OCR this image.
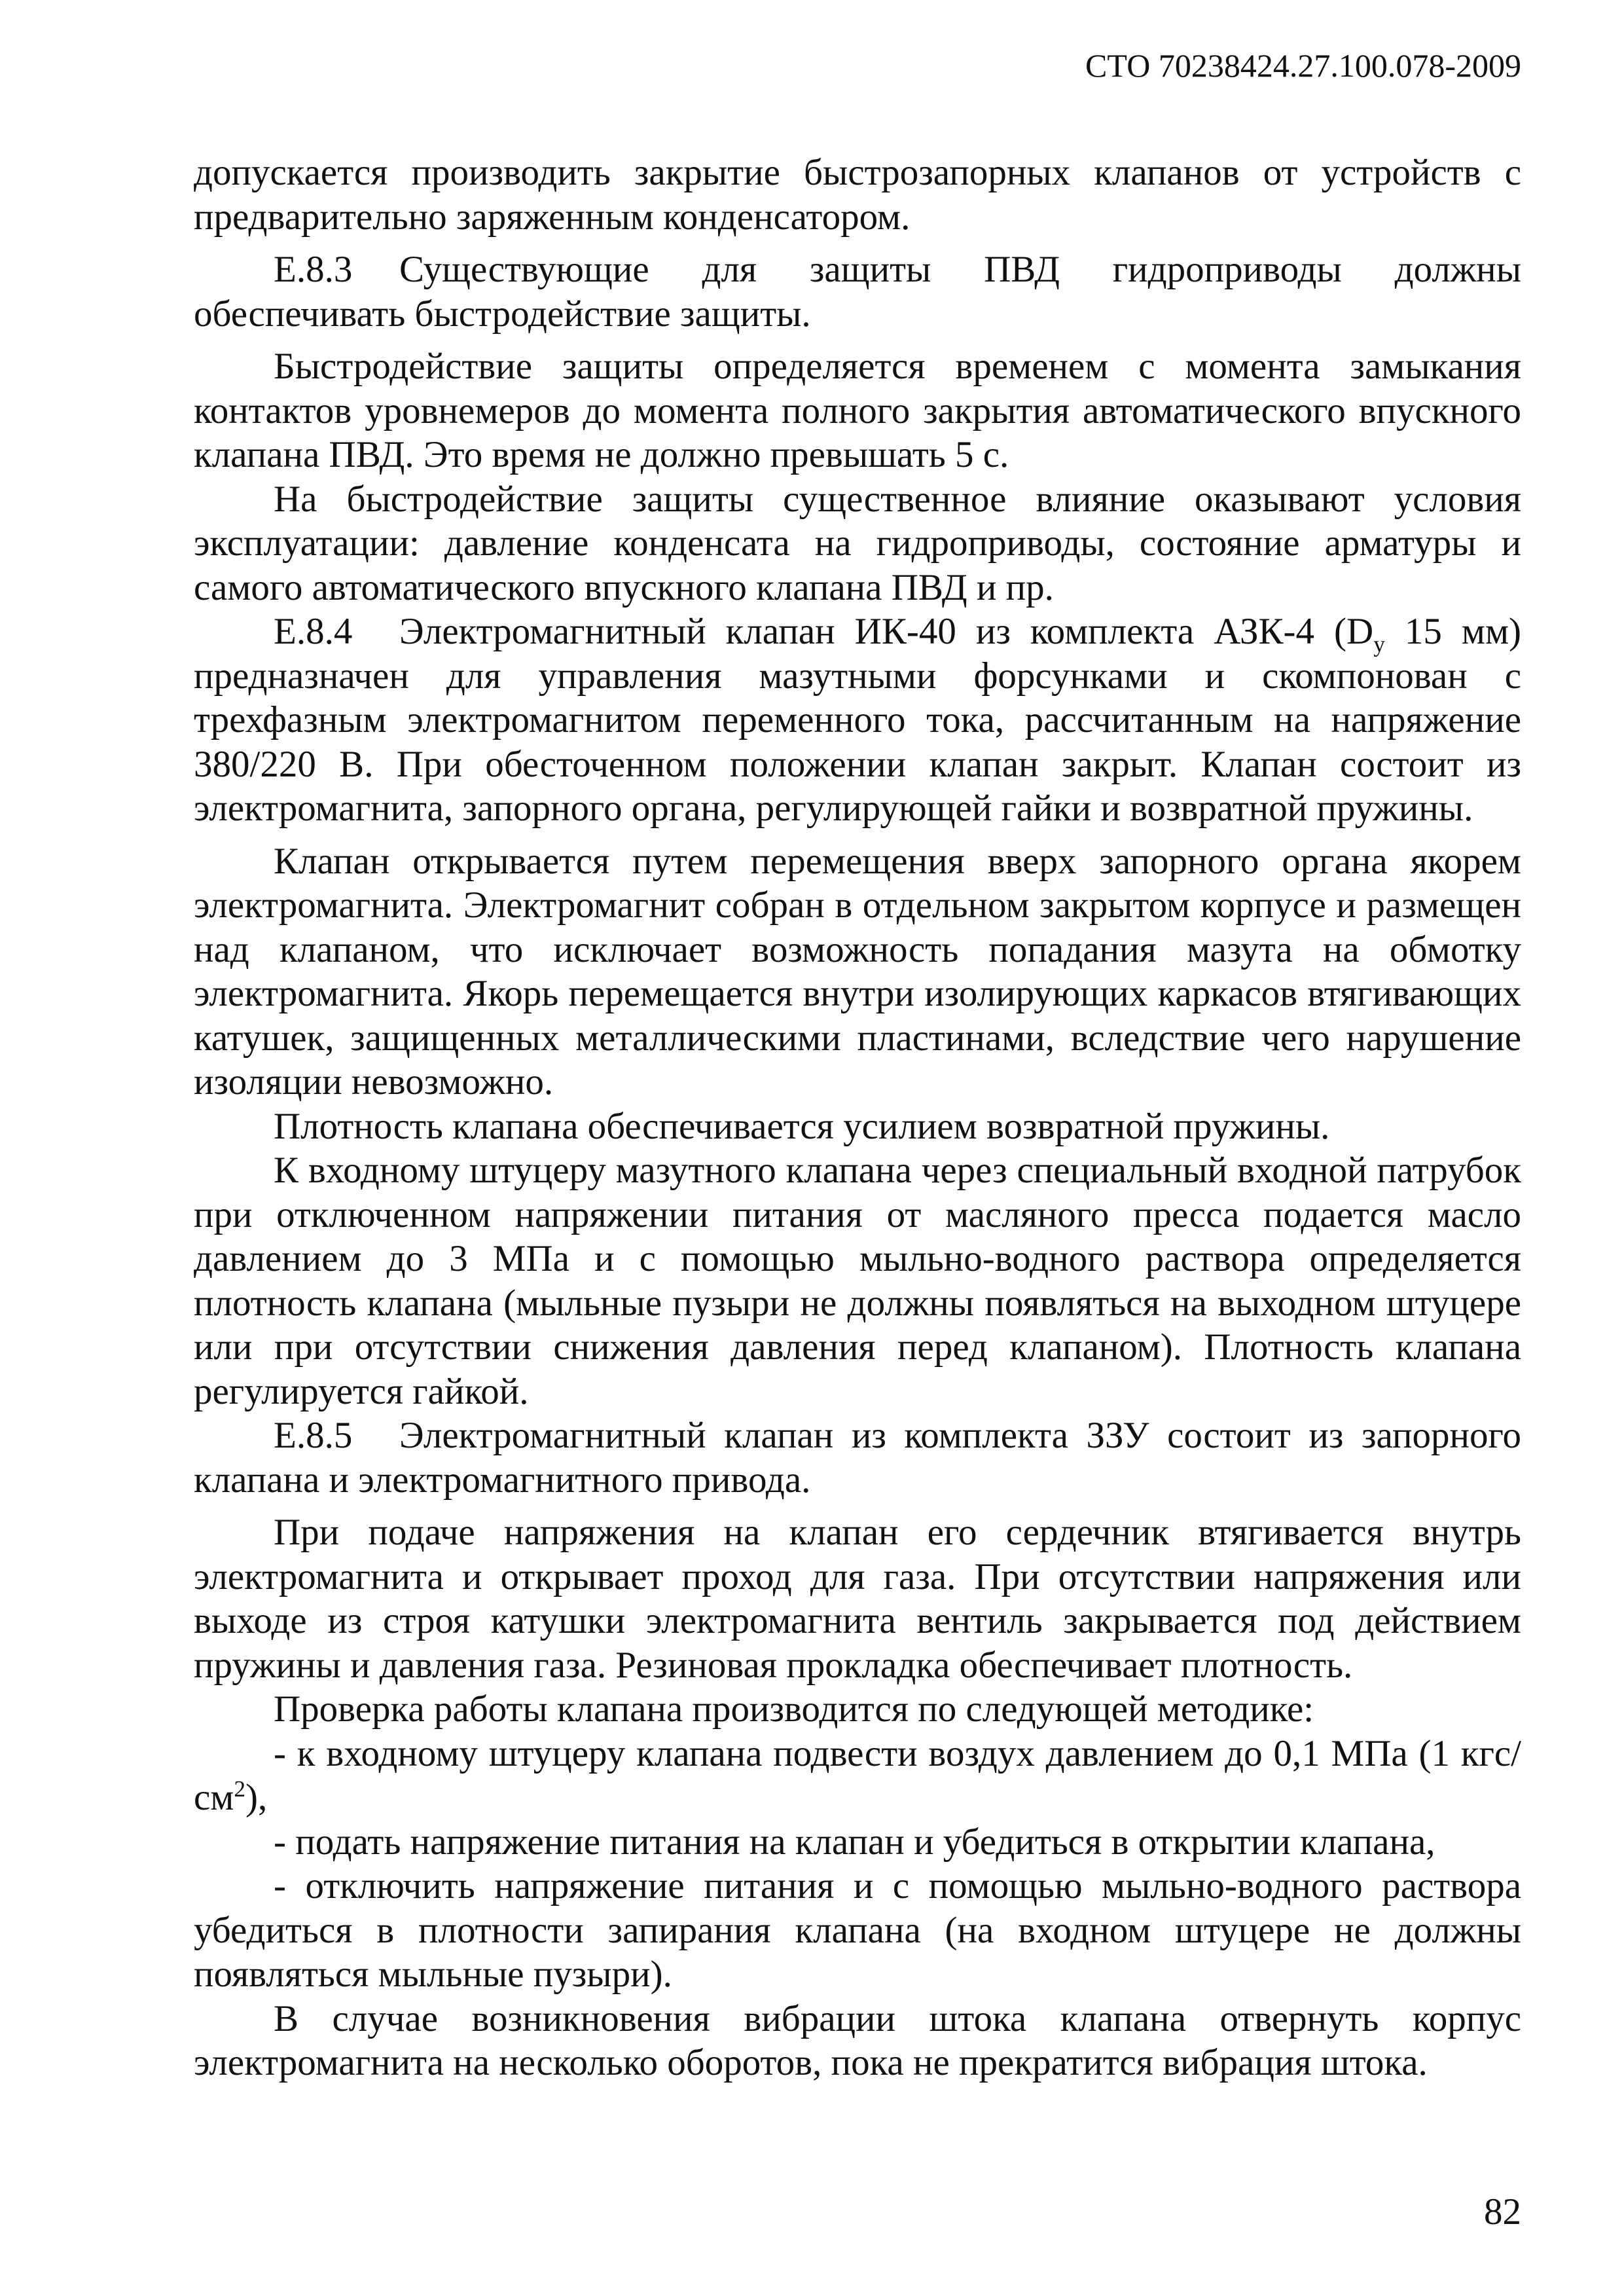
СТО 70238424.27.100.078-2009

допускается производить закрытие быстрозапорных клапанов от устройств с предварительно заряженным конденсатором.

Е.8.3 Существующие для защиты ПВД гидроприводы должны обеспечивать быстродействие защиты.

Быстродействие защиты определяется временем с момента замыкания контактов уровнемеров до момента полного закрытия автоматического впускного клапана ПВД. Это время не должно превышать 5 с.

На быстродействие защиты существенное влияние оказывают условия эксплуатации: давление конденсата на гидроприводы, состояние арматуры и самого автоматического впускного клапана ПВД и пр.

Е.8.4 Электромагнитный клапан ИК-40 из комплекта АЗК-4 ($D_у$ 15 мм) предназначен для управления мазутными форсунками и скомпонован с трехфазным электромагнитом переменного тока, рассчитанным на напряжение 380/220 В. При обесточенном положении клапан закрыт. Клапан состоит из электромагнита, запорного органа, регулирующей гайки и возвратной пружины.

Клапан открывается путем перемещения вверх запорного органа якорем электромагнита. Электромагнит собран в отдельном закрытом корпусе и размещен над клапаном, что исключает возможность попадания мазута на обмотку электромагнита. Якорь перемещается внутри изолирующих каркасов втягивающих катушек, защищенных металлическими пластинами, вследствие чего нарушение изоляции невозможно.

Плотность клапана обеспечивается усилием возвратной пружины.

К входному штуцеру мазутного клапана через специальный входной патрубок при отключенном напряжении питания от масляного пресса подается масло давлением до 3 МПа и с помощью мыльно-водного раствора определяется плотность клапана (мыльные пузыри не должны появляться на выходном штуцере или при отсутствии снижения давления перед клапаном). Плотность клапана регулируется гайкой.

Е.8.5 Электромагнитный клапан из комплекта ЗЗУ состоит из запорного клапана и электромагнитного привода.

При подаче напряжения на клапан его сердечник втягивается внутрь электромагнита и открывает проход для газа. При отсутствии напряжения или выходе из строя катушки электромагнита вентиль закрывается под действием пружины и давления газа. Резиновая прокладка обеспечивает плотность.

Проверка работы клапана производится по следующей методике:

- к входному штуцеру клапана подвести воздух давлением до 0,1 МПа (1 кгс/$см^2$),

- подать напряжение питания на клапан и убедиться в открытии клапана,

- отключить напряжение питания и с помощью мыльно-водного раствора убедиться в плотности запирания клапана (на входном штуцере не должны появляться мыльные пузыри).

В случае возникновения вибрации штока клапана отвернуть корпус электромагнита на несколько оборотов, пока не прекратится вибрация штока.

82
